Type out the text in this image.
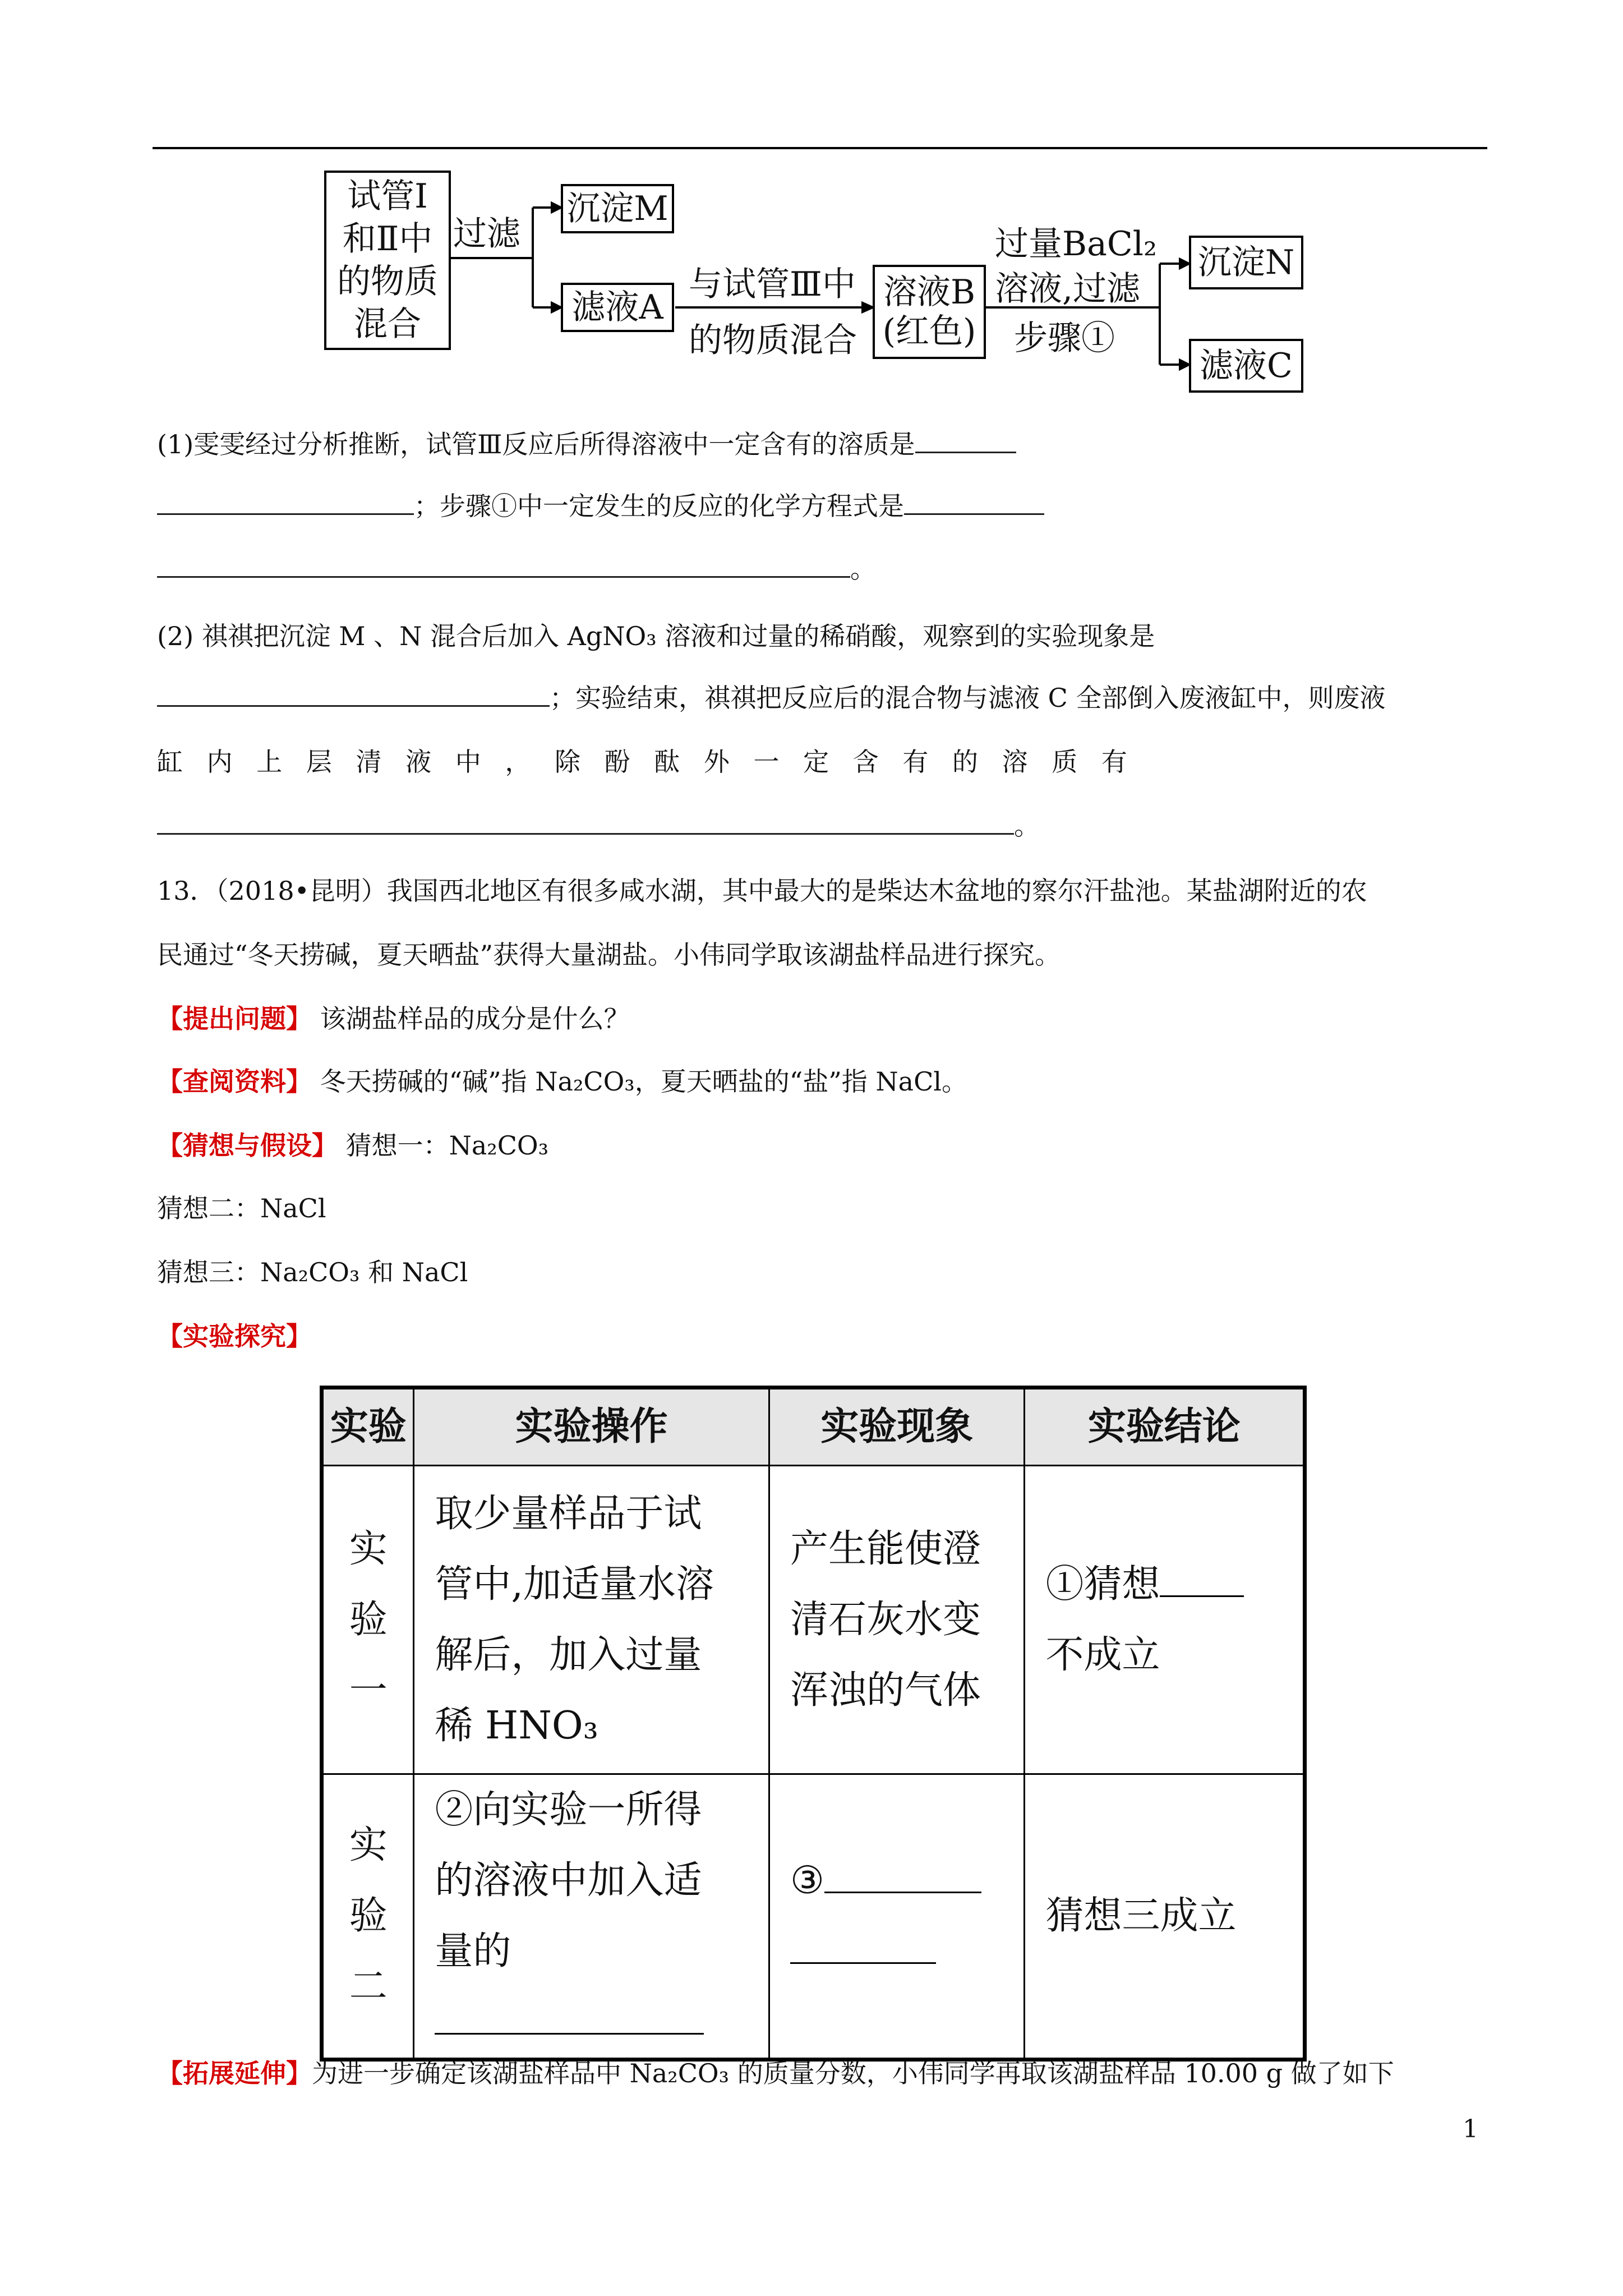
试管Ⅰ和Ⅱ中的物质混合
过滤
沉淀M
滤液A
与试管Ⅲ中
的物质混合
溶液B
(红色)
过量BaCl₂
溶液,过滤
步骤①
沉淀N
滤液C
(1)雯雯经过分析推断，试管Ⅲ反应后所得溶液中一定含有的溶质是
；步骤①中一定发生的反应的化学方程式是
。
(2) 祺祺把沉淀 M 、N 混合后加入 AgNO₃ 溶液和过量的稀硝酸，观察到的实验现象是
；实验结束，祺祺把反应后的混合物与滤液 C 全部倒入废液缸中，则废液
缸 内 上 层 清 液 中 ， 除 酚 酞 外 一 定 含 有 的 溶 质 有
。
13．（2018•昆明）我国西北地区有很多咸水湖，其中最大的是柴达木盆地的察尔汗盐池。某盐湖附近的农
民通过“冬天捞碱，夏天晒盐”获得大量湖盐。小伟同学取该湖盐样品进行探究。
【提出问题】 该湖盐样品的成分是什么？
【查阅资料】 冬天捞碱的“碱”指 Na₂CO₃，夏天晒盐的“盐”指 NaCl。
【猜想与假设】 猜想一：Na₂CO₃
猜想二：NaCl
猜想三：Na₂CO₃ 和 NaCl
【实验探究】
实验	实验操作	实验现象	实验结论

实验一	取少量样品于试管中,加适量水溶解后，加入过量稀 HNO₃	产生能使澄清石灰水变浑浊的气体	①猜想
不成立

实验二	②向实验一所得的溶液中加入适量的	③	猜想三成立
【拓展延伸】为进一步确定该湖盐样品中 Na₂CO₃ 的质量分数，小伟同学再取该湖盐样品 10.00 g 做了如下
1
